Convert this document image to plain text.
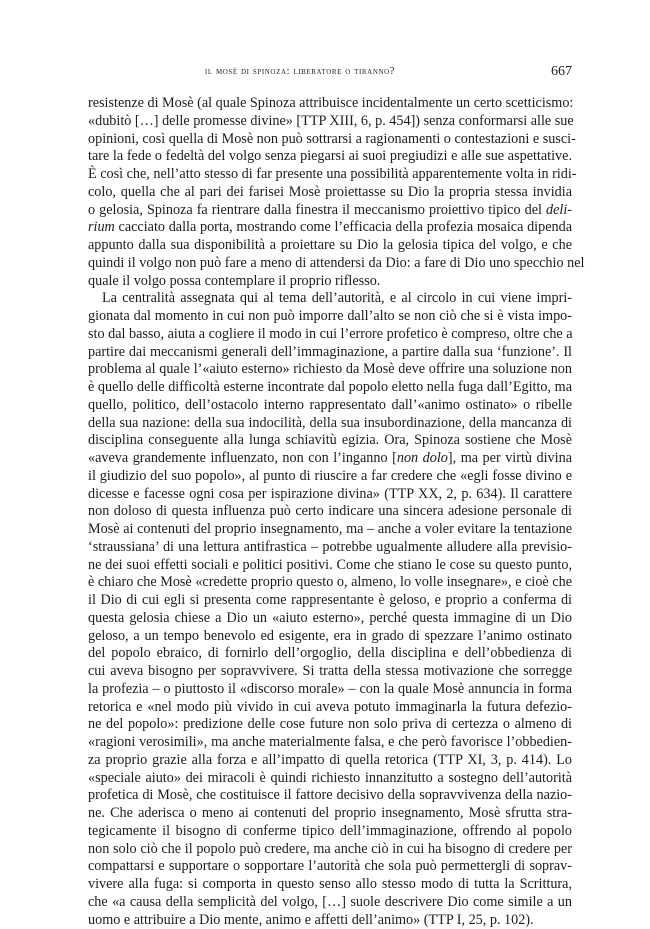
il mosè di spinoza: liberatore o tiranno?	667
resistenze di Mosè (al quale Spinoza attribuisce incidentalmente un certo scetticismo:
«dubitò […] delle promesse divine» [TTP XIII, 6, p. 454]) senza conformarsi alle sue
opinioni, così quella di Mosè non può sottrarsi a ragionamenti o contestazioni e susci-
tare la fede o fedeltà del volgo senza piegarsi ai suoi pregiudizi e alle sue aspettative.
È così che, nell’atto stesso di far presente una possibilità apparentemente volta in ridi-
colo, quella che al pari dei farisei Mosè proiettasse su Dio la propria stessa invidia
o gelosia, Spinoza fa rientrare dalla finestra il meccanismo proiettivo tipico del deli-
rium cacciato dalla porta, mostrando come l’efficacia della profezia mosaica dipenda
appunto dalla sua disponibilità a proiettare su Dio la gelosia tipica del volgo, e che
quindi il volgo non può fare a meno di attendersi da Dio: a fare di Dio uno specchio nel
quale il volgo possa contemplare il proprio riflesso.
La centralità assegnata qui al tema dell’autorità, e al circolo in cui viene impri-
gionata dal momento in cui non può imporre dall’alto se non ciò che si è vista impo-
sto dal basso, aiuta a cogliere il modo in cui l’errore profetico è compreso, oltre che a
partire dai meccanismi generali dell’immaginazione, a partire dalla sua ‘funzione’. Il
problema al quale l’«aiuto esterno» richiesto da Mosè deve offrire una soluzione non
è quello delle difficoltà esterne incontrate dal popolo eletto nella fuga dall’Egitto, ma
quello, politico, dell’ostacolo interno rappresentato dall’«animo ostinato» o ribelle
della sua nazione: della sua indocilità, della sua insubordinazione, della mancanza di
disciplina conseguente alla lunga schiavitù egizia. Ora, Spinoza sostiene che Mosè
«aveva grandemente influenzato, non con l’inganno [non dolo], ma per virtù divina
il giudizio del suo popolo», al punto di riuscire a far credere che «egli fosse divino e
dicesse e facesse ogni cosa per ispirazione divina» (TTP XX, 2, p. 634). Il carattere
non doloso di questa influenza può certo indicare una sincera adesione personale di
Mosè ai contenuti del proprio insegnamento, ma – anche a voler evitare la tentazione
‘straussiana’ di una lettura antifrastica – potrebbe ugualmente alludere alla previsio-
ne dei suoi effetti sociali e politici positivi. Come che stiano le cose su questo punto,
è chiaro che Mosè «credette proprio questo o, almeno, lo volle insegnare», e cioè che
il Dio di cui egli si presenta come rappresentante è geloso, e proprio a conferma di
questa gelosia chiese a Dio un «aiuto esterno», perché questa immagine di un Dio
geloso, a un tempo benevolo ed esigente, era in grado di spezzare l’animo ostinato
del popolo ebraico, di fornirlo dell’orgoglio, della disciplina e dell’obbedienza di
cui aveva bisogno per sopravvivere. Si tratta della stessa motivazione che sorregge
la profezia – o piuttosto il «discorso morale» – con la quale Mosè annuncia in forma
retorica e «nel modo più vivido in cui aveva potuto immaginarla la futura defezio-
ne del popolo»: predizione delle cose future non solo priva di certezza o almeno di
«ragioni verosimili», ma anche materialmente falsa, e che però favorisce l’obbedien-
za proprio grazie alla forza e all’impatto di quella retorica (TTP XI, 3, p. 414). Lo
«speciale aiuto» dei miracoli è quindi richiesto innanzitutto a sostegno dell’autorità
profetica di Mosè, che costituisce il fattore decisivo della sopravvivenza della nazio-
ne. Che aderisca o meno ai contenuti del proprio insegnamento, Mosè sfrutta stra-
tegicamente il bisogno di conferme tipico dell’immaginazione, offrendo al popolo
non solo ciò che il popolo può credere, ma anche ciò in cui ha bisogno di credere per
compattarsi e supportare o sopportare l’autorità che sola può permettergli di soprav-
vivere alla fuga: si comporta in questo senso allo stesso modo di tutta la Scrittura,
che «a causa della semplicità del volgo, […] suole descrivere Dio come simile a un
uomo e attribuire a Dio mente, animo e affetti dell’animo» (TTP I, 25, p. 102).
